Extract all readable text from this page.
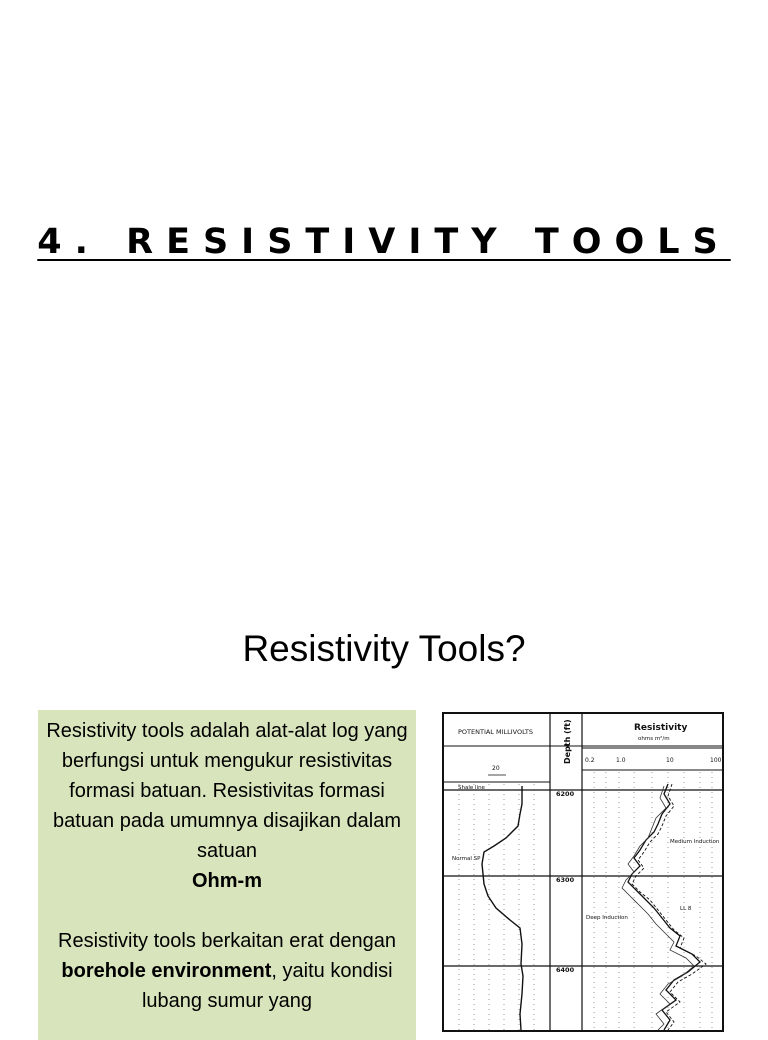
4. RESISTIVITY TOOLS
Resistivity Tools?

Resistivity tools adalah alat-alat log yang berfungsi untuk mengukur resistivitas formasi batuan. Resistivitas formasi batuan pada umumnya disajikan dalam satuan
Ohm-m

Resistivity tools berkaitan erat dengan borehole environment, yaitu kondisi lubang sumur yang

POTENTIAL MILLIVOLTS	Depth (ft)	Resistivity
ohms m²/m
0.2	1.0	10	100
20
6200
6300
6400
Shale line
Normal SP
Medium Induction
Deep Induction
LL 8
